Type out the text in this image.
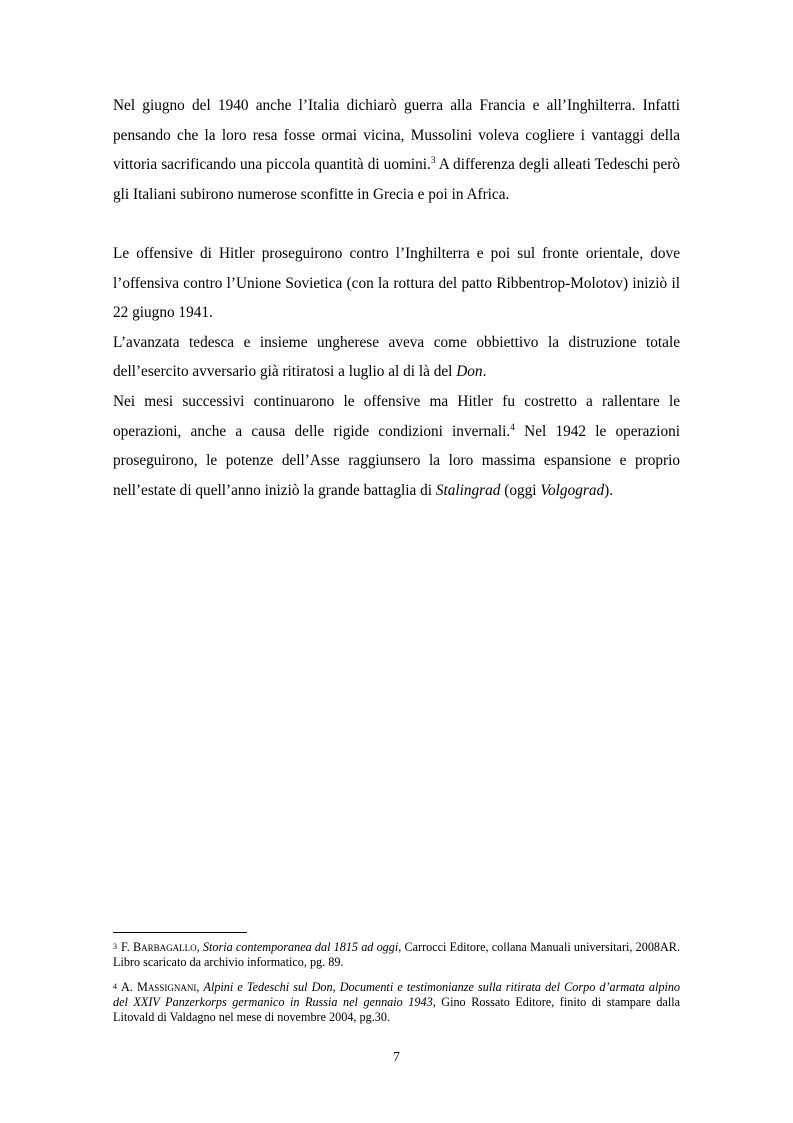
Nel giugno del 1940 anche l’Italia dichiarò guerra alla Francia e all’Inghilterra. Infatti pensando che la loro resa fosse ormai vicina, Mussolini voleva cogliere i vantaggi della vittoria sacrificando una piccola quantità di uomini.$^3$ A differenza degli alleati Tedeschi però gli Italiani subirono numerose sconfitte in Grecia e poi in Africa.

Le offensive di Hitler proseguirono contro l’Inghilterra e poi sul fronte orientale, dove l’offensiva contro l’Unione Sovietica (con la rottura del patto Ribbentrop-Molotov) iniziò il 22 giugno 1941.

L’avanzata tedesca e insieme ungherese aveva come obbiettivo la distruzione totale dell’esercito avversario già ritiratosi a luglio al di là del Don.

Nei mesi successivi continuarono le offensive ma Hitler fu costretto a rallentare le operazioni, anche a causa delle rigide condizioni invernali.$^4$ Nel 1942 le operazioni proseguirono, le potenze dell’Asse raggiunsero la loro massima espansione e proprio nell’estate di quell’anno iniziò la grande battaglia di Stalingrad (oggi Volgograd).

$^3$ F. Barbagallo, Storia contemporanea dal 1815 ad oggi, Carrocci Editore, collana Manuali universitari, 2008AR. Libro scaricato da archivio informatico, pg. 89.

$^4$ A. Massignani, Alpini e Tedeschi sul Don, Documenti e testimonianze sulla ritirata del Corpo d’armata alpino del XXIV Panzerkorps germanico in Russia nel gennaio 1943, Gino Rossato Editore, finito di stampare dalla Litovald di Valdagno nel mese di novembre 2004, pg.30.

7
